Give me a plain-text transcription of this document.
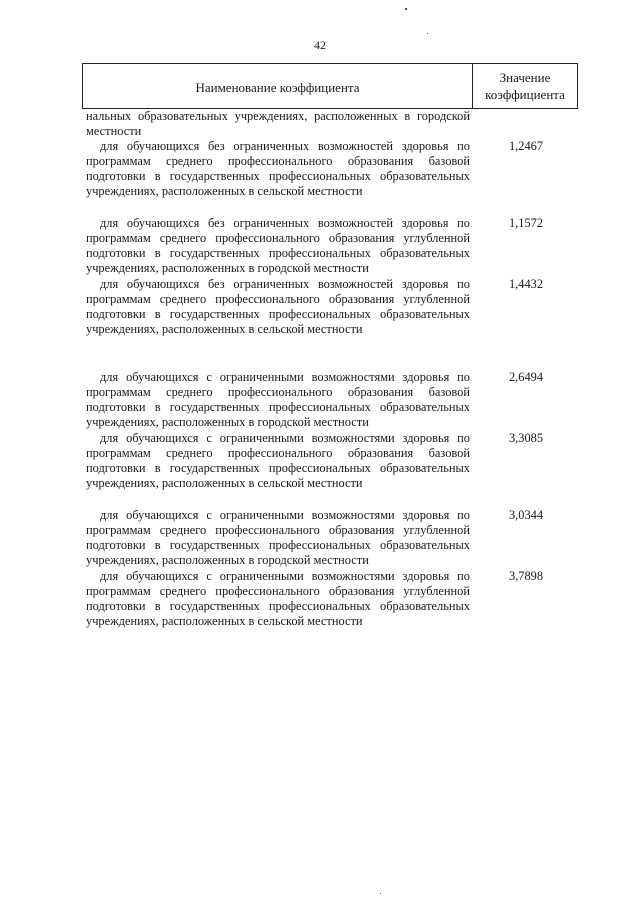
42
Наименование коэффициента
Значение
коэффициента
нальных образовательных учреждениях, расположенных в городской местности
для обучающихся без ограниченных возможностей здоровья по программам среднего профессионального образования базовой подготовки в государственных профессиональных образовательных учреждениях, расположенных в сельской местности
1,2467
для обучающихся без ограниченных возможностей здоровья по программам среднего профессионального образования углубленной подготовки в государственных профессиональных образовательных учреждениях, расположенных в городской местности
1,1572
для обучающихся без ограниченных возможностей здоровья по программам среднего профессионального образования углубленной подготовки в государственных профессиональных образовательных учреждениях, расположенных в сельской местности
1,4432
для обучающихся с ограниченными возможностями здоровья по программам среднего профессионального образования базовой подготовки в государственных профессиональных образовательных учреждениях, расположенных в городской местности
2,6494
для обучающихся с ограниченными возможностями здоровья по программам среднего профессионального образования базовой подготовки в государственных профессиональных образовательных учреждениях, расположенных в сельской местности
3,3085
для обучающихся с ограниченными возможностями здоровья по программам среднего профессионального образования углубленной подготовки в государственных профессиональных образовательных учреждениях, расположенных в городской местности
3,0344
для обучающихся с ограниченными возможностями здоровья по программам среднего профессионального образования углубленной подготовки в государственных профессиональных образовательных учреждениях, расположенных в сельской местности
3,7898
